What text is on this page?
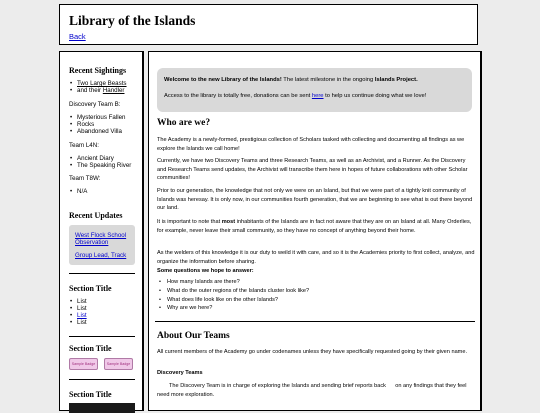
Library of the Islands
Back
Recent Sightings
• Two Large Beasts
• and their Handler
Discovery Team B:
• Mysterious Fallen
• Rocks
• Abandoned Villa
Team L4N:
• Ancient Diary
• The Speaking River
Team T8W:
• N/A
Recent Updates
West Flock School
Observation
Group Lead, Track
Section Title
• List
• List
• List
• List
Section Title
Sample Badge	Sample Badge
Section Title

Welcome to the new Library of the Islands! The latest milestone in the ongoing Islands Project.

Access to the library is totally free, donations can be sent here to help us continue doing what we love!

Who are we?

The Academy is a newly-formed, prestigious collection of Scholars tasked with collecting and documenting all findings as we explore the Islands we call home!

Currently, we have two Discovery Teams and three Research Teams, as well as an Archivist, and a Runner. As the Discovery and Research Teams send updates, the Archivist will transcribe them here in hopes of future collaborations with other Scholar communities!

Prior to our generation, the knowledge that not only we were on an Island, but that we were part of a tightly knit community of Islands was heresay. It is only now, in our communities fourth generation, that we are beginning to see what is out there beyond our land.

It is important to note that most inhabitants of the Islands are in fact not aware that they are on an Island at all. Many Orderlies, for example, never leave their small community, so they have no concept of anything beyond their home.

As the welders of this knowledge it is our duty to weild it with care, and so it is the Academies priority to first collect, analyze, and organize the information before sharing.

Some questions we hope to answer:

• How many Islands are there?
• What do the outer regions of the Islands cluster look like?
• What does life look like on the other Islands?
• Why are we here?
About Our Teams

All current members of the Academy go under codenames unless they have specifically requested going by their given name.

Discovery Teams

The Discovery Team is in charge of exploring the Islands and sending brief reports back      on any findings that they feel need more exploration.
